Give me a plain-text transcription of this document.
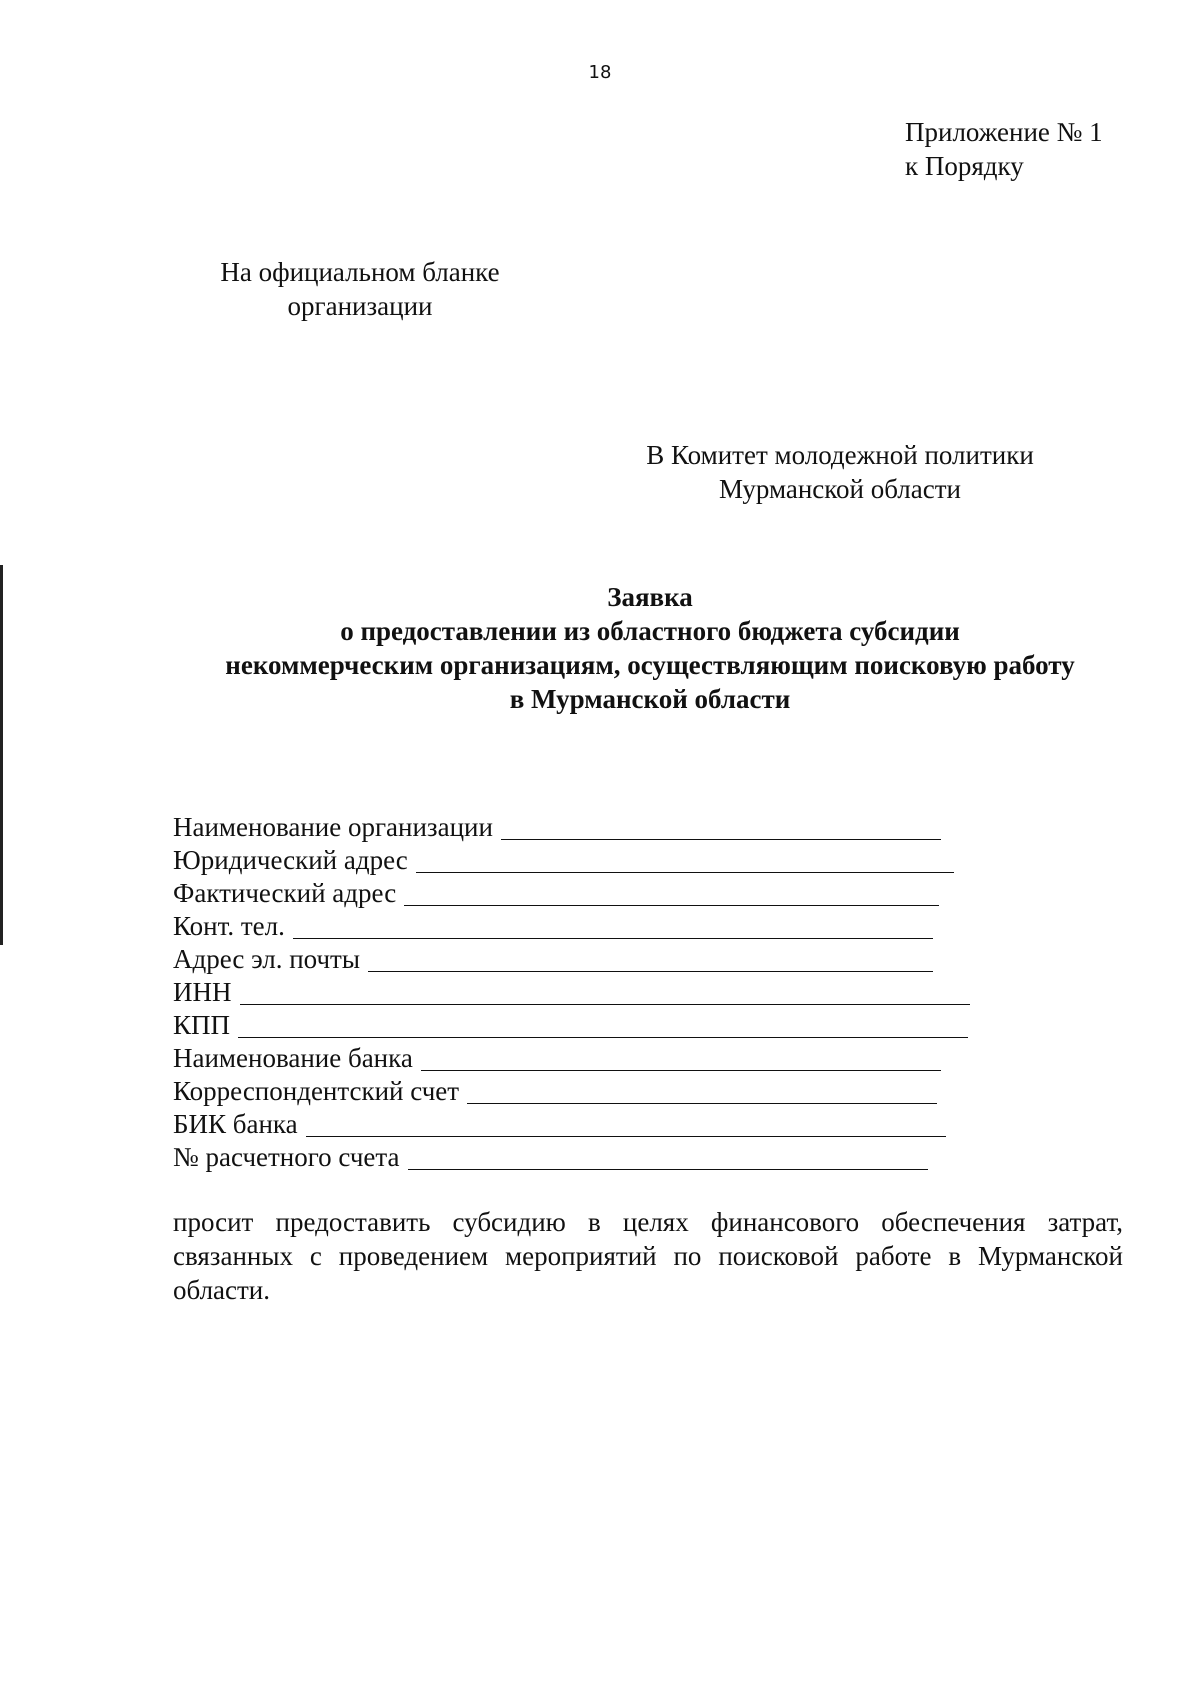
18
Приложение № 1
к Порядку
На официальном бланке
организации
В Комитет молодежной политики
Мурманской области
Заявка
о предоставлении из областного бюджета субсидии
некоммерческим организациям, осуществляющим поисковую работу
в Мурманской области
Наименование организации
Юридический адрес
Фактический адрес
Конт. тел.
Адрес эл. почты
ИНН
КПП
Наименование банка
Корреспондентский счет
БИК банка
№ расчетного счета
просит предоставить субсидию в целях финансового обеспечения затрат, связанных с проведением мероприятий по поисковой работе в Мурманской области.
